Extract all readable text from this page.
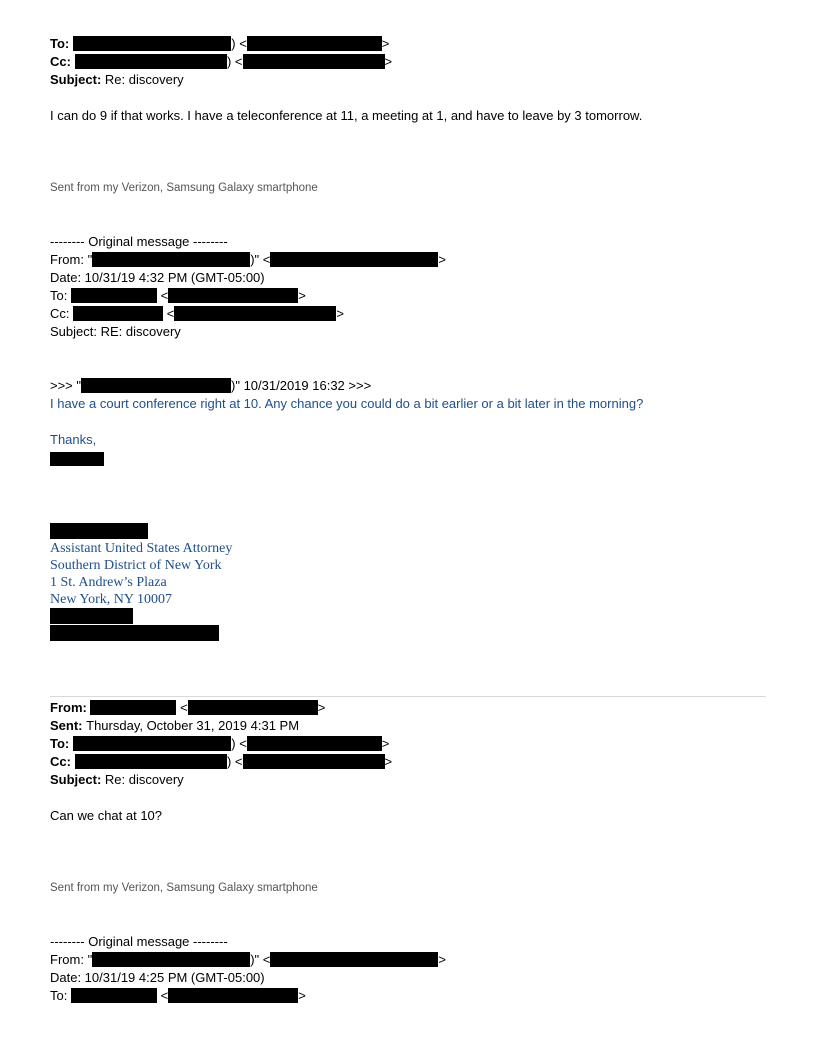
To:	) <	>
Cc:	) <	>
Subject: Re: discovery
I can do 9 if that works. I have a teleconference at 11, a meeting at 1, and have to leave by 3 tomorrow.
Sent from my Verizon, Samsung Galaxy smartphone
-------- Original message --------
From: "	)" <	>
Date: 10/31/19 4:32 PM (GMT-05:00)
To:	<	>
Cc:	<	>
Subject: RE: discovery
>>> "	)" 10/31/2019 16:32 >>>
I have a court conference right at 10. Any chance you could do a bit earlier or a bit later in the morning?
Thanks,
Assistant United States Attorney
Southern District of New York
1 St. Andrew’s Plaza
New York, NY 10007
From:	<	>
Sent: Thursday, October 31, 2019 4:31 PM
To:	) <	>
Cc:	) <	>
Subject: Re: discovery
Can we chat at 10?
Sent from my Verizon, Samsung Galaxy smartphone
-------- Original message --------
From: "	)" <	>
Date: 10/31/19 4:25 PM (GMT-05:00)
To:	<	>
